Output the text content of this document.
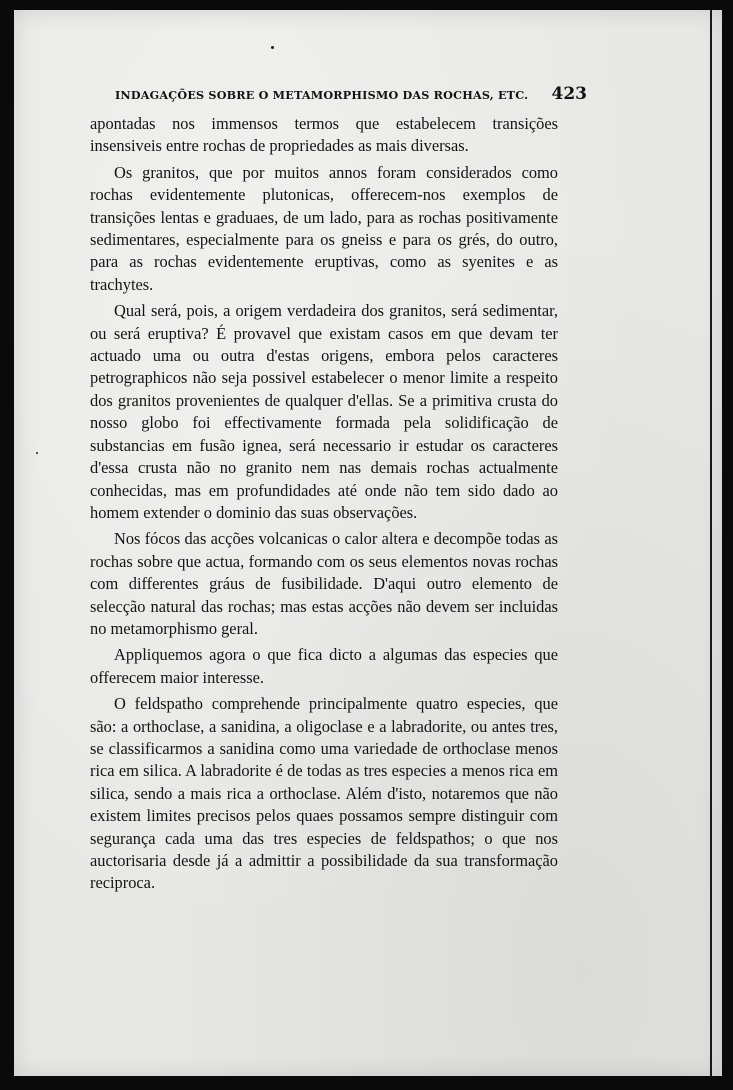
INDAGAÇÕES SOBRE O METAMORPHISMO DAS ROCHAS, ETC. 423

apontadas nos immensos termos que estabelecem transições insensiveis entre rochas de propriedades as mais diversas.

Os granitos, que por muitos annos foram considerados como rochas evidentemente plutonicas, offerecem-nos exemplos de transições lentas e graduaes, de um lado, para as rochas positivamente sedimentares, especialmente para os gneiss e para os grés, do outro, para as rochas evidentemente eruptivas, como as syenites e as trachytes.

Qual será, pois, a origem verdadeira dos granitos, será sedimentar, ou será eruptiva? É provavel que existam casos em que devam ter actuado uma ou outra d'estas origens, embora pelos caracteres petrographicos não seja possivel estabelecer o menor limite a respeito dos granitos provenientes de qualquer d'ellas. Se a primitiva crusta do nosso globo foi effectivamente formada pela solidificação de substancias em fusão ignea, será necessario ir estudar os caracteres d'essa crusta não no granito nem nas demais rochas actualmente conhecidas, mas em profundidades até onde não tem sido dado ao homem extender o dominio das suas observações.

Nos fócos das acções volcanicas o calor altera e decompõe todas as rochas sobre que actua, formando com os seus elementos novas rochas com differentes gráus de fusibilidade. D'aqui outro elemento de selecção natural das rochas; mas estas acções não devem ser incluidas no metamorphismo geral.

Appliquemos agora o que fica dicto a algumas das especies que offerecem maior interesse.

O feldspatho comprehende principalmente quatro especies, que são: a orthoclase, a sanidina, a oligoclase e a labradorite, ou antes tres, se classificarmos a sanidina como uma variedade de orthoclase menos rica em silica. A labradorite é de todas as tres especies a menos rica em silica, sendo a mais rica a orthoclase. Além d'isto, notaremos que não existem limites precisos pelos quaes possamos sempre distinguir com segurança cada uma das tres especies de feldspathos; o que nos auctorisaria desde já a admittir a possibilidade da sua transformação reciproca.
